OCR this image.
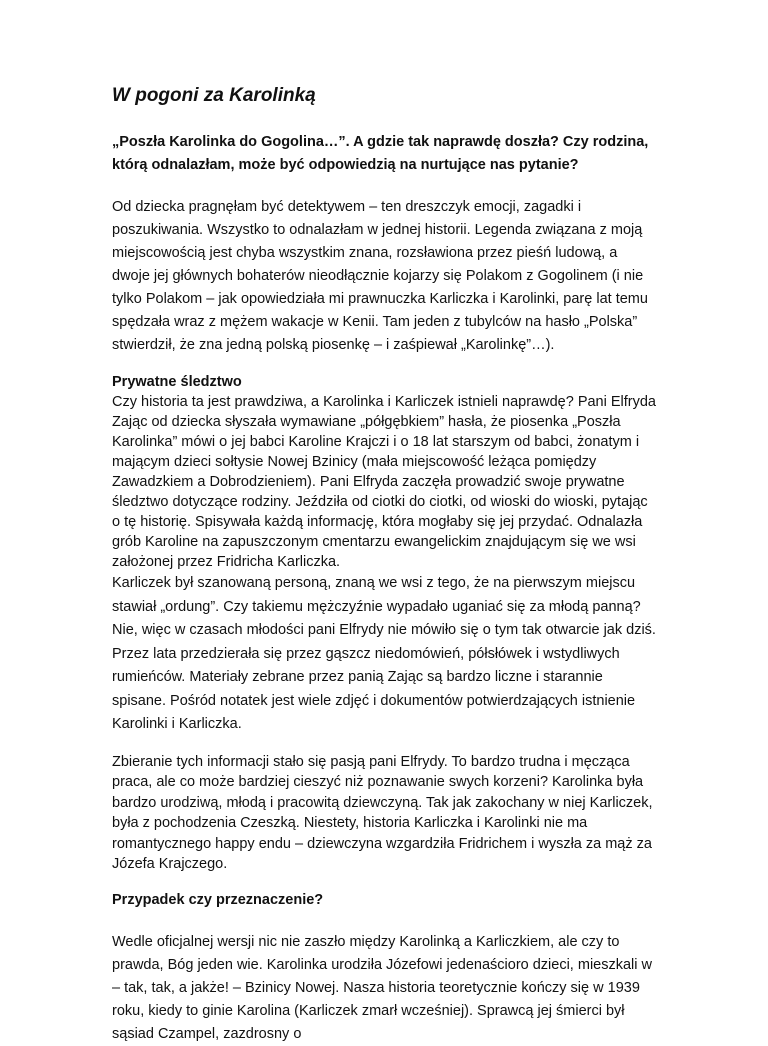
W pogoni za Karolinką

„Poszła Karolinka do Gogolina…”. A gdzie tak naprawdę doszła? Czy rodzina, którą odnalazłam, może być odpowiedzią na nurtujące nas pytanie?

Od dziecka pragnęłam być detektywem – ten dreszczyk emocji, zagadki i poszukiwania. Wszystko to odnalazłam w jednej historii. Legenda związana z moją miejscowością jest chyba wszystkim znana, rozsławiona przez pieśń ludową, a dwoje jej głównych bohaterów nieodłącznie kojarzy się Polakom z Gogolinem (i nie tylko Polakom – jak opowiedziała mi prawnuczka Karliczka i Karolinki, parę lat temu spędzała wraz z mężem wakacje w Kenii. Tam jeden z tubylców na hasło „Polska” stwierdził, że zna jedną polską piosenkę – i zaśpiewał „Karolinkę”…).

Prywatne śledztwo

Czy historia ta jest prawdziwa, a Karolinka i Karliczek istnieli naprawdę? Pani Elfryda Zając od dziecka słyszała wymawiane „półgębkiem” hasła, że piosenka „Poszła Karolinka” mówi o jej babci Karoline Krajczi i o 18 lat starszym od babci, żonatym i mającym dzieci sołtysie Nowej Bzinicy (mała miejscowość leżąca pomiędzy Zawadzkiem a Dobrodzieniem). Pani Elfryda zaczęła prowadzić swoje prywatne śledztwo dotyczące rodziny. Jeździła od ciotki do ciotki, od wioski do wioski, pytając o tę historię. Spisywała każdą informację, która mogłaby się jej przydać. Odnalazła grób Karoline na zapuszczonym cmentarzu ewangelickim znajdującym się we wsi założonej przez Fridricha Karliczka.

Karliczek był szanowaną personą, znaną we wsi z tego, że na pierwszym miejscu stawiał „ordung”. Czy takiemu mężczyźnie wypadało uganiać się za młodą panną? Nie, więc w czasach młodości pani Elfrydy nie mówiło się o tym tak otwarcie jak dziś. Przez lata przedzierała się przez gąszcz niedomówień, półsłówek i wstydliwych rumieńców. Materiały zebrane przez panią Zając są bardzo liczne i starannie spisane. Pośród notatek jest wiele zdjęć i dokumentów potwierdzających istnienie Karolinki i Karliczka.

Zbieranie tych informacji stało się pasją pani Elfrydy. To bardzo trudna i męcząca praca, ale co może bardziej cieszyć niż poznawanie swych korzeni? Karolinka była bardzo urodziwą, młodą i pracowitą dziewczyną. Tak jak zakochany w niej Karliczek, była z pochodzenia Czeszką. Niestety, historia Karliczka i Karolinki nie ma romantycznego happy endu – dziewczyna wzgardziła Fridrichem i wyszła za mąż za Józefa Krajczego.

Przypadek czy przeznaczenie?

Wedle oficjalnej wersji nic nie zaszło między Karolinką a Karliczkiem, ale czy to prawda, Bóg jeden wie. Karolinka urodziła Józefowi jedenaścioro dzieci, mieszkali w – tak, tak, a jakże! – Bzinicy Nowej. Nasza historia teoretycznie kończy się w 1939 roku, kiedy to ginie Karolina (Karliczek zmarł wcześniej). Sprawcą jej śmierci był sąsiad Czampel, zazdrosny o
